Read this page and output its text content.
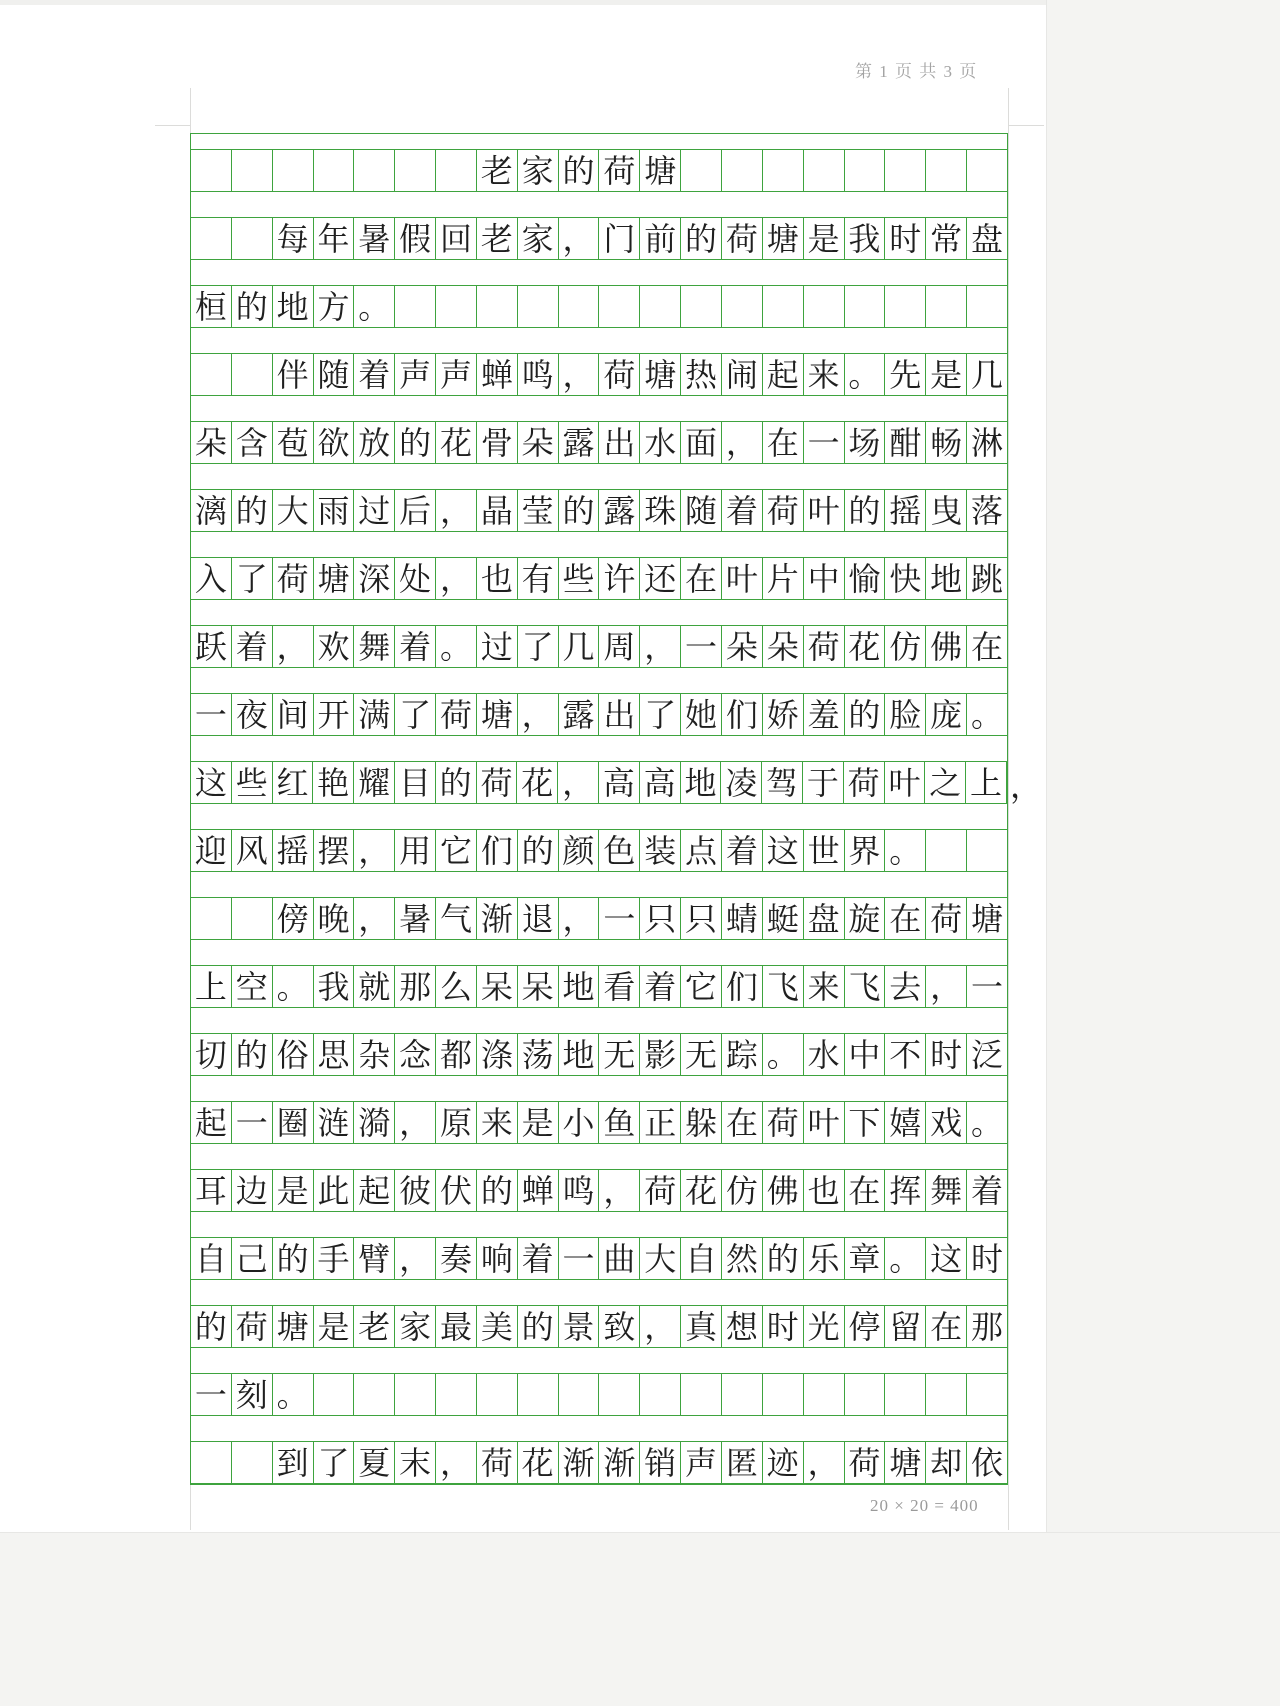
第 1 页 共 3 页
老 家 的 荷 塘
每 年 暑 假 回 老 家 ， 门 前 的 荷 塘 是 我 时 常 盘
桓 的 地 方 。
伴 随 着 声 声 蝉 鸣 ， 荷 塘 热 闹 起 来 。 先 是 几
朵 含 苞 欲 放 的 花 骨 朵 露 出 水 面 ， 在 一 场 酣 畅 淋
漓 的 大 雨 过 后 ， 晶 莹 的 露 珠 随 着 荷 叶 的 摇 曳 落
入 了 荷 塘 深 处 ， 也 有 些 许 还 在 叶 片 中 愉 快 地 跳
跃 着 ， 欢 舞 着 。 过 了 几 周 ， 一 朵 朵 荷 花 仿 佛 在
一 夜 间 开 满 了 荷 塘 ， 露 出 了 她 们 娇 羞 的 脸 庞 。
这 些 红 艳 耀 目 的 荷 花 ， 高 高 地 凌 驾 于 荷 叶 之 上 ，
迎 风 摇 摆 ， 用 它 们 的 颜 色 装 点 着 这 世 界 。
傍 晚 ， 暑 气 渐 退 ， 一 只 只 蜻 蜓 盘 旋 在 荷 塘
上 空 。 我 就 那 么 呆 呆 地 看 着 它 们 飞 来 飞 去 ， 一
切 的 俗 思 杂 念 都 涤 荡 地 无 影 无 踪 。 水 中 不 时 泛
起 一 圈 涟 漪 ， 原 来 是 小 鱼 正 躲 在 荷 叶 下 嬉 戏 。
耳 边 是 此 起 彼 伏 的 蝉 鸣 ， 荷 花 仿 佛 也 在 挥 舞 着
自 己 的 手 臂 ， 奏 响 着 一 曲 大 自 然 的 乐 章 。 这 时
的 荷 塘 是 老 家 最 美 的 景 致 ， 真 想 时 光 停 留 在 那
一 刻 。
到 了 夏 末 ， 荷 花 渐 渐 销 声 匿 迹 ， 荷 塘 却 依
20 × 20 = 400
